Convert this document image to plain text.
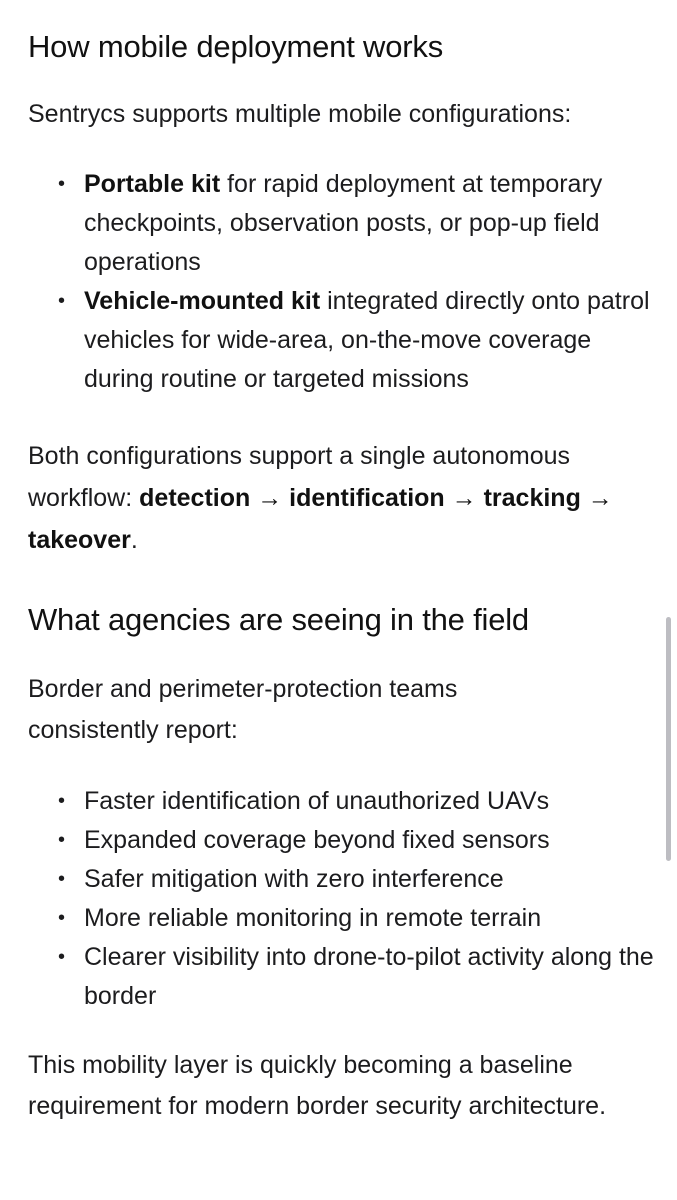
How mobile deployment works

Sentrycs supports multiple mobile configurations:

• Portable kit for rapid deployment at temporary checkpoints, observation posts, or pop-up field operations
• Vehicle-mounted kit integrated directly onto patrol vehicles for wide-area, on-the-move coverage during routine or targeted missions

Both configurations support a single autonomous workflow: detection → identification → tracking → takeover.

What agencies are seeing in the field

Border and perimeter-protection teams consistently report:

• Faster identification of unauthorized UAVs
• Expanded coverage beyond fixed sensors
• Safer mitigation with zero interference
• More reliable monitoring in remote terrain
• Clearer visibility into drone-to-pilot activity along the border

This mobility layer is quickly becoming a baseline requirement for modern border security architecture.
